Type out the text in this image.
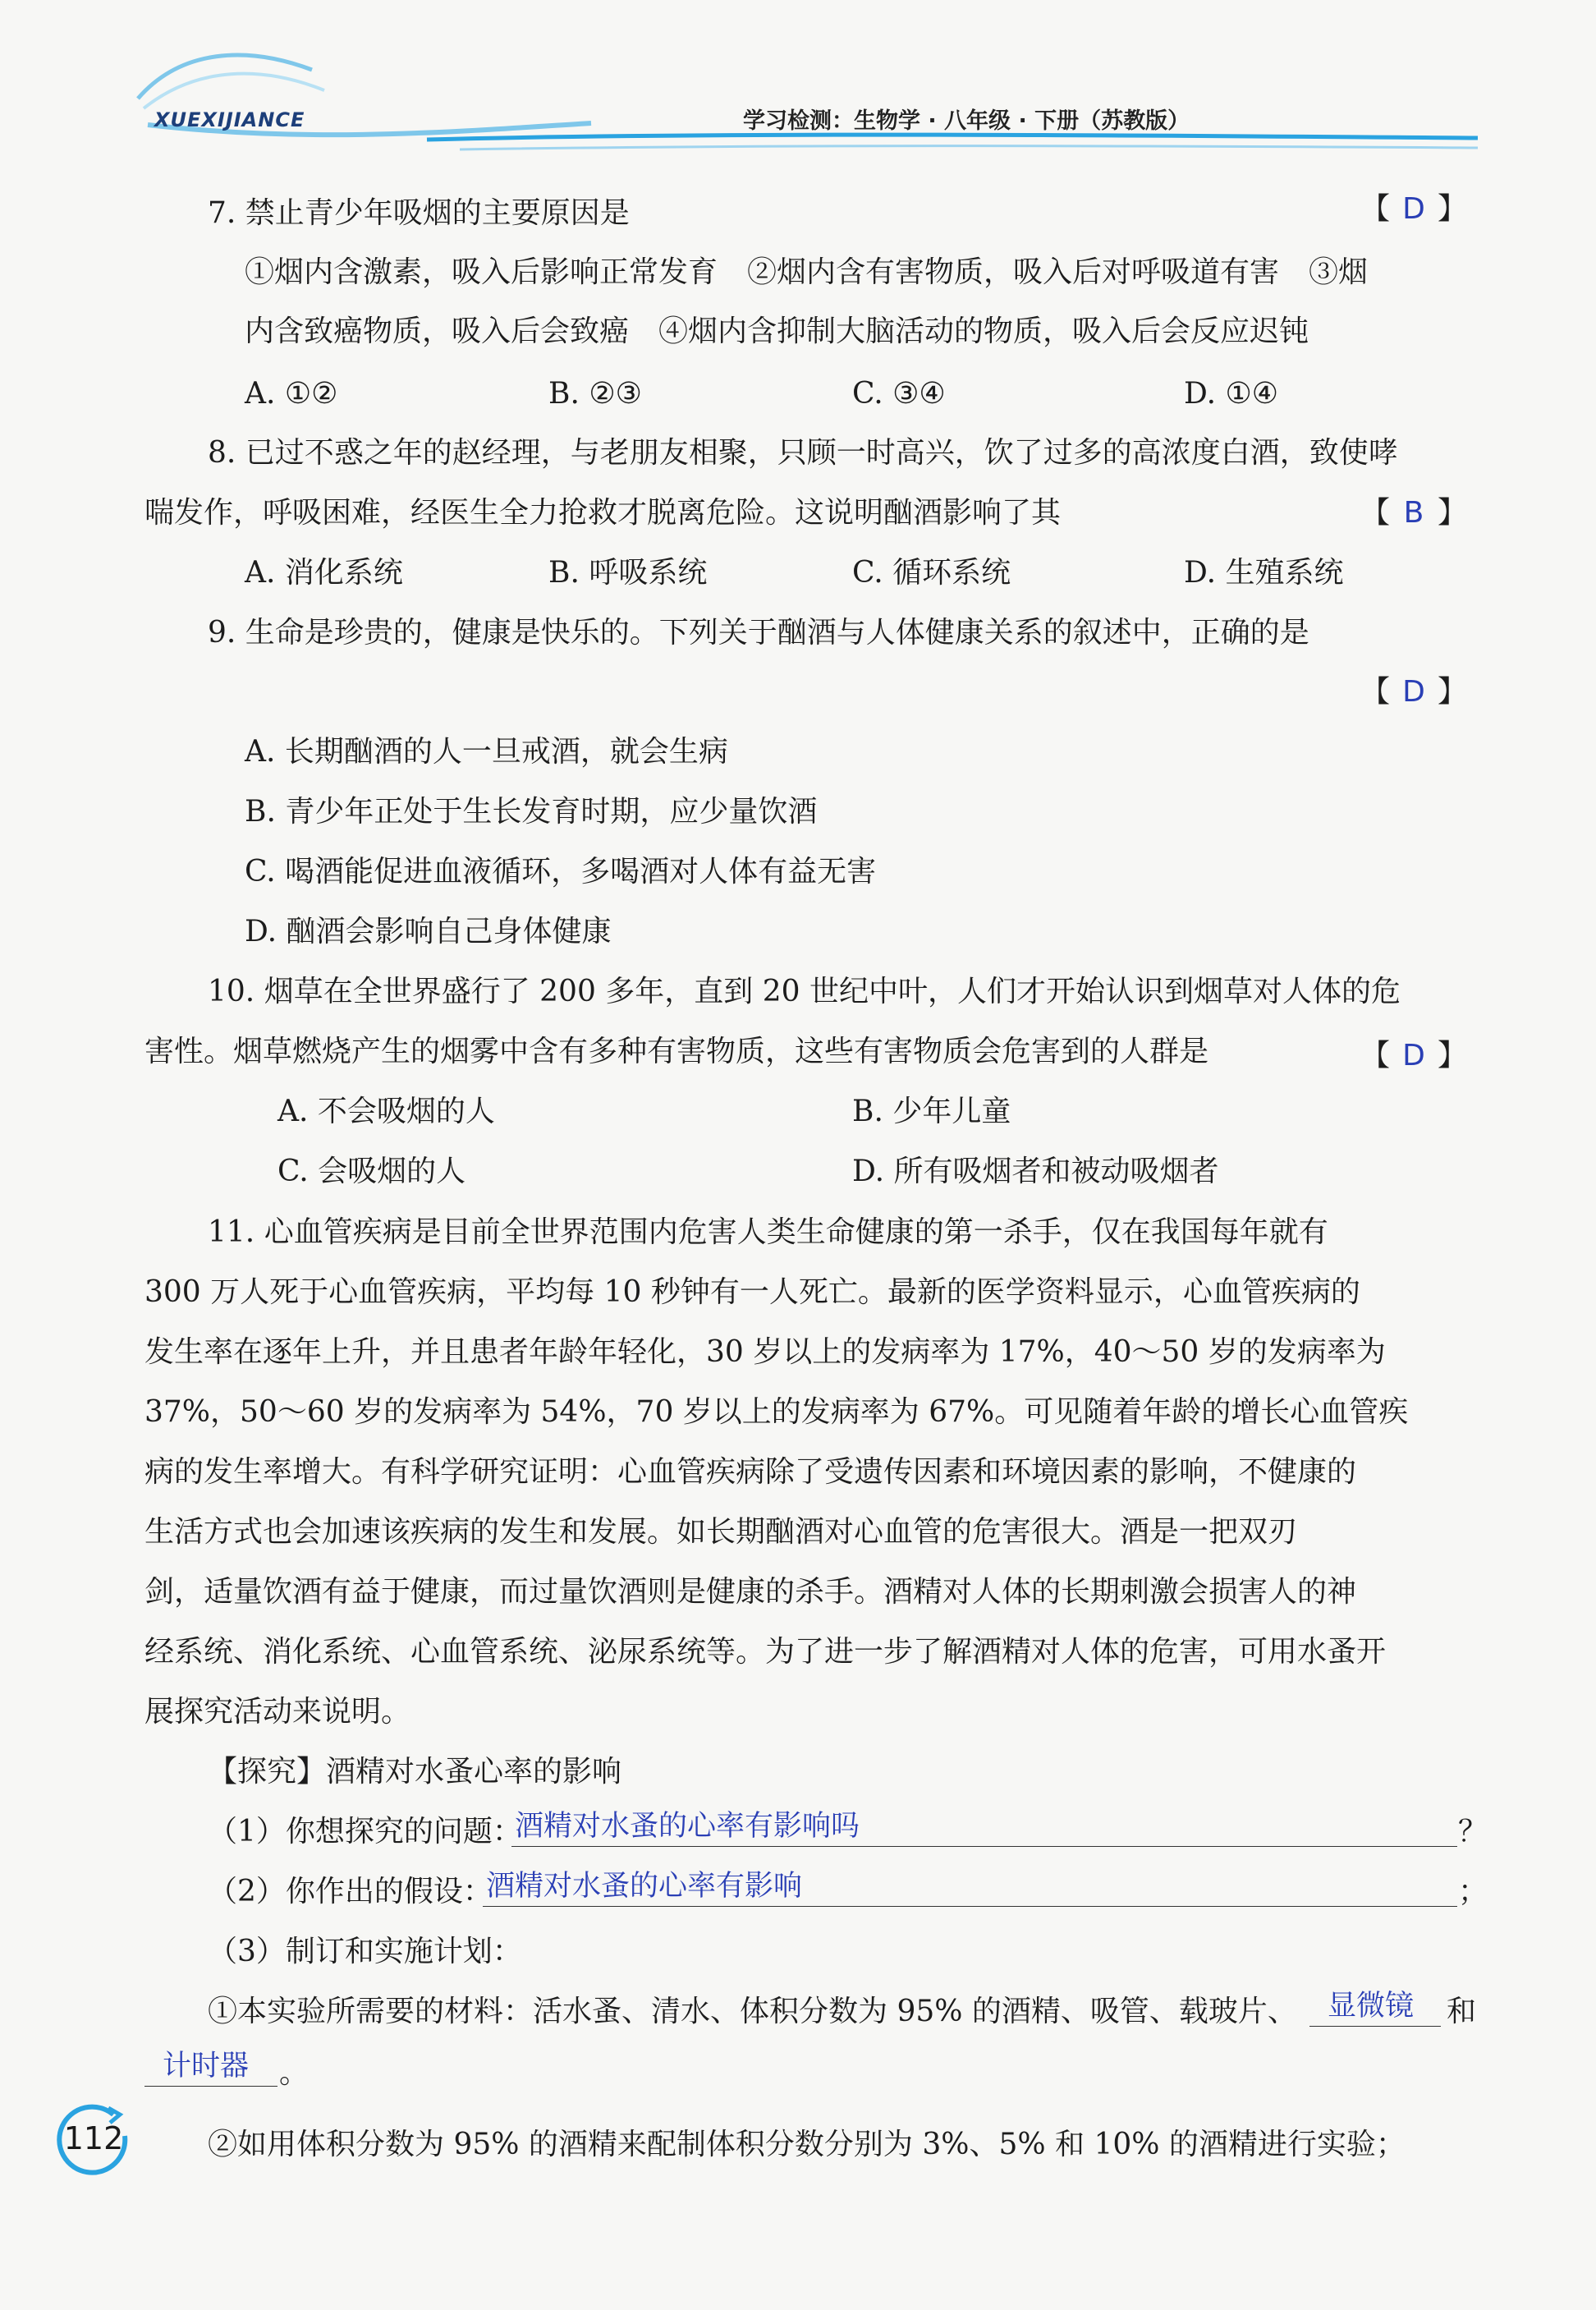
XUEXIJIANCE	学习检测：生物学 · 八年级 · 下册（苏教版）
7. 禁止青少年吸烟的主要原因是	【 D 】
①烟内含激素，吸入后影响正常发育　②烟内含有害物质，吸入后对呼吸道有害　③烟
内含致癌物质，吸入后会致癌　④烟内含抑制大脑活动的物质，吸入后会反应迟钝
A. ①②	B. ②③	C. ③④	D. ①④
8. 已过不惑之年的赵经理，与老朋友相聚，只顾一时高兴，饮了过多的高浓度白酒，致使哮
喘发作，呼吸困难，经医生全力抢救才脱离危险。这说明酗酒影响了其	【 B 】
A. 消化系统	B. 呼吸系统	C. 循环系统	D. 生殖系统
9. 生命是珍贵的，健康是快乐的。下列关于酗酒与人体健康关系的叙述中，正确的是
【 D 】
A. 长期酗酒的人一旦戒酒，就会生病
B. 青少年正处于生长发育时期，应少量饮酒
C. 喝酒能促进血液循环，多喝酒对人体有益无害
D. 酗酒会影响自己身体健康
10. 烟草在全世界盛行了 200 多年，直到 20 世纪中叶，人们才开始认识到烟草对人体的危
害性。烟草燃烧产生的烟雾中含有多种有害物质，这些有害物质会危害到的人群是	【 D 】
A. 不会吸烟的人	B. 少年儿童
C. 会吸烟的人	D. 所有吸烟者和被动吸烟者
11. 心血管疾病是目前全世界范围内危害人类生命健康的第一杀手，仅在我国每年就有
300 万人死于心血管疾病，平均每 10 秒钟有一人死亡。最新的医学资料显示，心血管疾病的
发生率在逐年上升，并且患者年龄年轻化，30 岁以上的发病率为 17%，40～50 岁的发病率为
37%，50～60 岁的发病率为 54%，70 岁以上的发病率为 67%。可见随着年龄的增长心血管疾
病的发生率增大。有科学研究证明：心血管疾病除了受遗传因素和环境因素的影响，不健康的
生活方式也会加速该疾病的发生和发展。如长期酗酒对心血管的危害很大。酒是一把双刃
剑，适量饮酒有益于健康，而过量饮酒则是健康的杀手。酒精对人体的长期刺激会损害人的神
经系统、消化系统、心血管系统、泌尿系统等。为了进一步了解酒精对人体的危害，可用水蚤开
展探究活动来说明。
【探究】酒精对水蚤心率的影响
（1）你想探究的问题：
酒精对水蚤的心率有影响吗	？
（2）你作出的假设：
酒精对水蚤的心率有影响	；
（3）制订和实施计划：
①本实验所需要的材料：活水蚤、清水、体积分数为 95% 的酒精、吸管、载玻片、 显微镜 和
计时器 。
②如用体积分数为 95% 的酒精来配制体积分数分别为 3%、5% 和 10% 的酒精进行实验；
112
